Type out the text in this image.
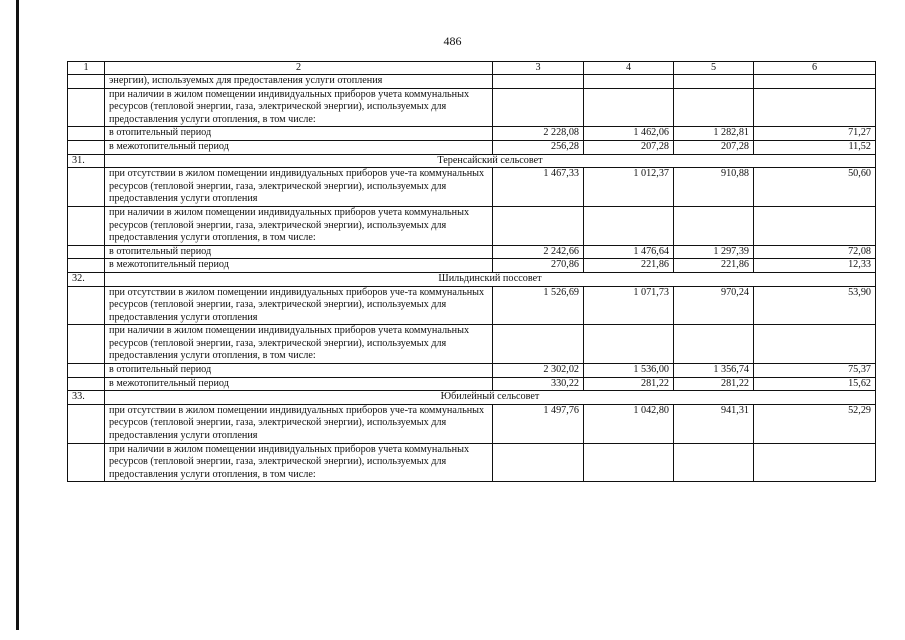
486
1	2	3	4	5	6
	энергии), используемых для предоставления услуги отопления				
	при наличии в жилом помещении индивидуальных приборов учета коммунальных ресурсов (тепловой энергии, газа, электрической энергии), используемых для предоставления услуги отопления, в том числе:				
	в отопительный период	2 228,08	1 462,06	1 282,81	71,27
	в межотопительный период	256,28	207,28	207,28	11,52
31.	Теренсайский сельсовет				
	при отсутствии в жилом помещении индивидуальных приборов уче-та коммунальных ресурсов (тепловой энергии, газа, электрической энергии), используемых для предоставления услуги отопления	1 467,33	1 012,37	910,88	50,60
	при наличии в жилом помещении индивидуальных приборов учета коммунальных ресурсов (тепловой энергии, газа, электрической энергии), используемых для предоставления услуги отопления, в том числе:				
	в отопительный период	2 242,66	1 476,64	1 297,39	72,08
	в межотопительный период	270,86	221,86	221,86	12,33
32.	Шильдинский поссовет				
	при отсутствии в жилом помещении индивидуальных приборов уче-та коммунальных ресурсов (тепловой энергии, газа, электрической энергии), используемых для предоставления услуги отопления	1 526,69	1 071,73	970,24	53,90
	при наличии в жилом помещении индивидуальных приборов учета коммунальных ресурсов (тепловой энергии, газа, электрической энергии), используемых для предоставления услуги отопления, в том числе:				
	в отопительный период	2 302,02	1 536,00	1 356,74	75,37
	в межотопительный период	330,22	281,22	281,22	15,62
33.	Юбилейный сельсовет				
	при отсутствии в жилом помещении индивидуальных приборов уче-та коммунальных ресурсов (тепловой энергии, газа, электрической энергии), используемых для предоставления услуги отопления	1 497,76	1 042,80	941,31	52,29
	при наличии в жилом помещении индивидуальных приборов учета коммунальных ресурсов (тепловой энергии, газа, электрической энергии), используемых для предоставления услуги отопления, в том числе:				
